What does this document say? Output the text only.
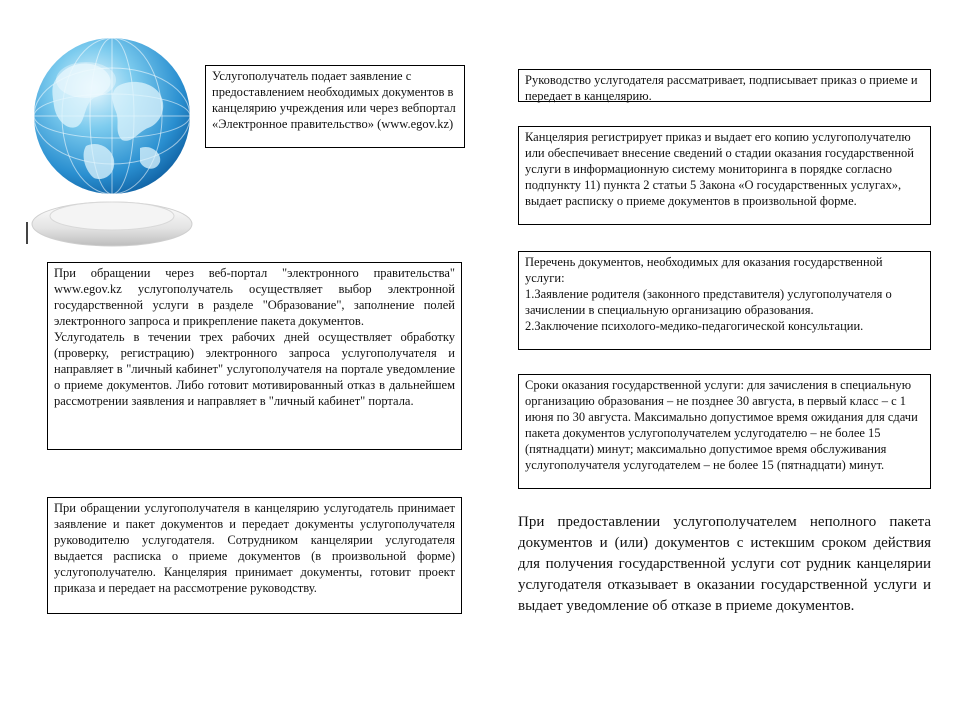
Услугополучатель подает заявление с предоставлением необходимых документов в канцелярию учреждения или через вебпортал «Электронное правительство» (www.egov.kz)

Руководство услугодателя рассматривает, подписывает приказ о приеме и передает в канцелярию.

Канцелярия регистрирует приказ и выдает его копию услугополучателю или обеспечивает внесение сведений о стадии оказания государственной услуги в информационную систему мониторинга в порядке согласно подпункту 11) пункта 2 статьи 5 Закона «О государственных услугах», выдает расписку о приеме документов в произвольной форме.

При обращении через веб-портал "электронного правительства" www.egov.kz услугополучатель осуществляет выбор электронной государственной услуги в разделе "Образование", заполнение полей электронного запроса и прикрепление пакета документов.

Услугодатель в течении трех рабочих дней осуществляет обработку (проверку, регистрацию) электронного запроса услугополучателя и направляет в "личный кабинет" услугополучателя на портале уведомление о приеме документов. Либо готовит мотивированный отказ в дальнейшем рассмотрении заявления и направляет в "личный кабинет" портала.

Перечень документов, необходимых для оказания государственной услуги:

1.Заявление родителя (законного представителя) услугополучателя о зачислении в специальную организацию образования.

2.Заключение психолого-медико-педагогической консультации.

Сроки оказания государственной услуги: для зачисления в специальную организацию образования – не позднее 30 августа, в первый класс – с 1 июня по 30 августа. Максимально допустимое время ожидания для сдачи пакета документов услугополучателем услугодателю – не более 15 (пятнадцати) минут; максимально допустимое время обслуживания услугополучателя услугодателем – не более 15 (пятнадцати) минут.

При обращении услугополучателя в канцелярию услугодатель принимает заявление и пакет документов и передает документы услугополучателя руководителю услугодателя. Сотрудником канцелярии услугодателя выдается расписка о приеме документов (в произвольной форме) услугополучателю. Канцелярия принимает документы, готовит проект приказа и передает на рассмотрение руководству.

При предоставлении услугополучателем неполного пакета документов и (или) документов с истекшим сроком действия для получения государственной услуги сот рудник канцелярии услугодателя отказывает в оказании государственной услуги и выдает уведомление об отказе в приеме документов.
